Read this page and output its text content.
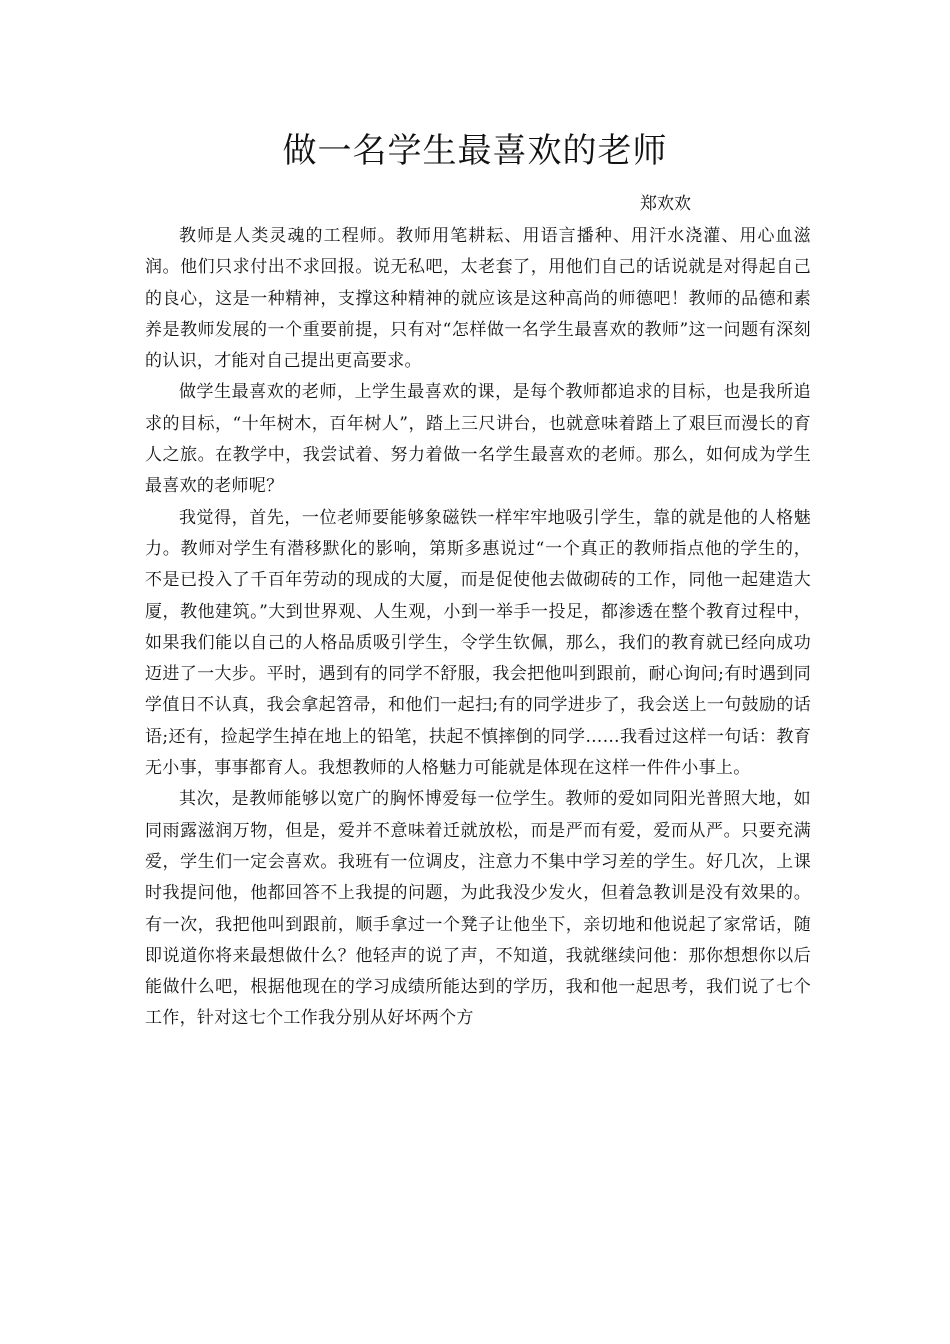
做一名学生最喜欢的老师

郑欢欢

教师是人类灵魂的工程师。教师用笔耕耘、用语言播种、用汗水浇灌、用心血滋润。他们只求付出不求回报。说无私吧，太老套了，用他们自己的话说就是对得起自己的良心，这是一种精神，支撑这种精神的就应该是这种高尚的师德吧！教师的品德和素养是教师发展的一个重要前提，只有对“怎样做一名学生最喜欢的教师”这一问题有深刻的认识，才能对自己提出更高要求。

做学生最喜欢的老师，上学生最喜欢的课，是每个教师都追求的目标，也是我所追求的目标，“十年树木，百年树人”，踏上三尺讲台，也就意味着踏上了艰巨而漫长的育人之旅。在教学中，我尝试着、努力着做一名学生最喜欢的老师。那么，如何成为学生最喜欢的老师呢？

我觉得，首先，一位老师要能够象磁铁一样牢牢地吸引学生，靠的就是他的人格魅力。教师对学生有潜移默化的影响，第斯多惠说过“一个真正的教师指点他的学生的，不是已投入了千百年劳动的现成的大厦，而是促使他去做砌砖的工作，同他一起建造大厦，教他建筑。”大到世界观、人生观，小到一举手一投足，都渗透在整个教育过程中，如果我们能以自己的人格品质吸引学生，令学生钦佩，那么，我们的教育就已经向成功迈进了一大步。平时，遇到有的同学不舒服，我会把他叫到跟前，耐心询问;有时遇到同学值日不认真，我会拿起笤帚，和他们一起扫;有的同学进步了，我会送上一句鼓励的话语;还有，捡起学生掉在地上的铅笔，扶起不慎摔倒的同学……我看过这样一句话：教育无小事，事事都育人。我想教师的人格魅力可能就是体现在这样一件件小事上。

其次，是教师能够以宽广的胸怀博爱每一位学生。教师的爱如同阳光普照大地，如同雨露滋润万物，但是，爱并不意味着迁就放松，而是严而有爱，爱而从严。只要充满爱，学生们一定会喜欢。我班有一位调皮，注意力不集中学习差的学生。好几次，上课时我提问他，他都回答不上我提的问题，为此我没少发火，但着急教训是没有效果的。有一次，我把他叫到跟前，顺手拿过一个凳子让他坐下，亲切地和他说起了家常话，随即说道你将来最想做什么？他轻声的说了声，不知道，我就继续问他：那你想想你以后能做什么吧，根据他现在的学习成绩所能达到的学历，我和他一起思考，我们说了七个工作，针对这七个工作我分别从好坏两个方
